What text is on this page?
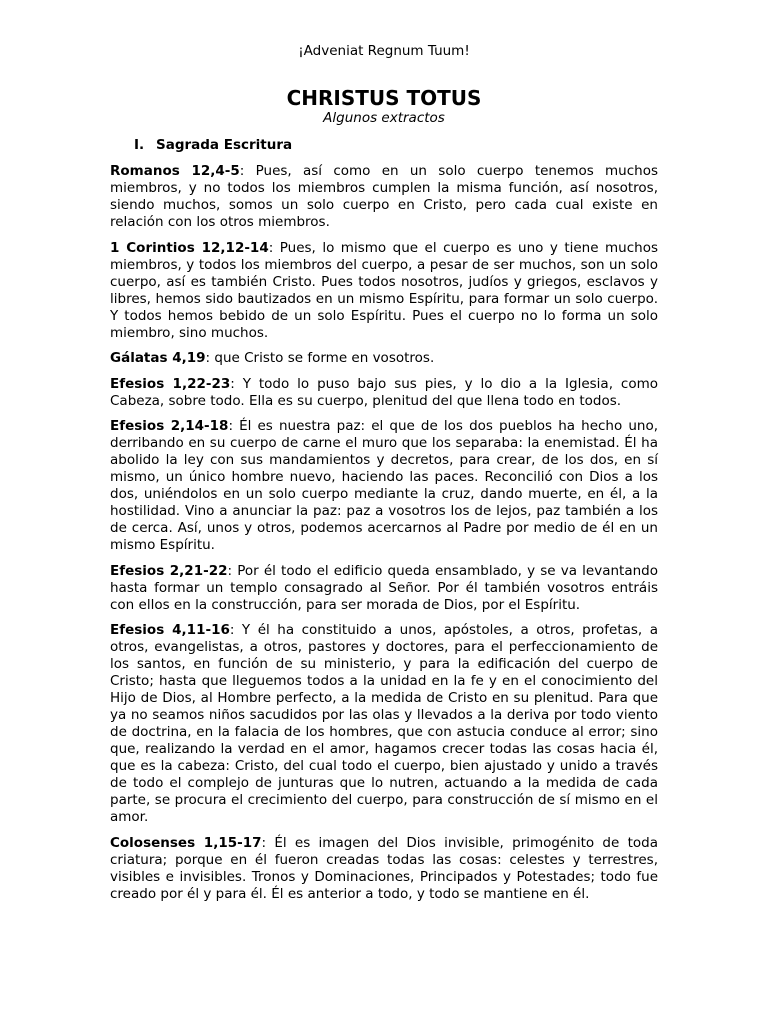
¡Adveniat Regnum Tuum!

CHRISTUS TOTUS

Algunos extractos

I. Sagrada Escritura

Romanos 12,4-5: Pues, así como en un solo cuerpo tenemos muchos miembros, y no todos los miembros cumplen la misma función, así nosotros, siendo muchos, somos un solo cuerpo en Cristo, pero cada cual existe en relación con los otros miembros.

1 Corintios 12,12-14: Pues, lo mismo que el cuerpo es uno y tiene muchos miembros, y todos los miembros del cuerpo, a pesar de ser muchos, son un solo cuerpo, así es también Cristo. Pues todos nosotros, judíos y griegos, esclavos y libres, hemos sido bautizados en un mismo Espíritu, para formar un solo cuerpo. Y todos hemos bebido de un solo Espíritu. Pues el cuerpo no lo forma un solo miembro, sino muchos.

Gálatas 4,19: que Cristo se forme en vosotros.

Efesios 1,22-23: Y todo lo puso bajo sus pies, y lo dio a la Iglesia, como Cabeza, sobre todo. Ella es su cuerpo, plenitud del que llena todo en todos.

Efesios 2,14-18: Él es nuestra paz: el que de los dos pueblos ha hecho uno, derribando en su cuerpo de carne el muro que los separaba: la enemistad. Él ha abolido la ley con sus mandamientos y decretos, para crear, de los dos, en sí mismo, un único hombre nuevo, haciendo las paces. Reconcilió con Dios a los dos, uniéndolos en un solo cuerpo mediante la cruz, dando muerte, en él, a la hostilidad. Vino a anunciar la paz: paz a vosotros los de lejos, paz también a los de cerca. Así, unos y otros, podemos acercarnos al Padre por medio de él en un mismo Espíritu.

Efesios 2,21-22: Por él todo el edificio queda ensamblado, y se va levantando hasta formar un templo consagrado al Señor. Por él también vosotros entráis con ellos en la construcción, para ser morada de Dios, por el Espíritu.

Efesios 4,11-16: Y él ha constituido a unos, apóstoles, a otros, profetas, a otros, evangelistas, a otros, pastores y doctores, para el perfeccionamiento de los santos, en función de su ministerio, y para la edificación del cuerpo de Cristo; hasta que lleguemos todos a la unidad en la fe y en el conocimiento del Hijo de Dios, al Hombre perfecto, a la medida de Cristo en su plenitud. Para que ya no seamos niños sacudidos por las olas y llevados a la deriva por todo viento de doctrina, en la falacia de los hombres, que con astucia conduce al error; sino que, realizando la verdad en el amor, hagamos crecer todas las cosas hacia él, que es la cabeza: Cristo, del cual todo el cuerpo, bien ajustado y unido a través de todo el complejo de junturas que lo nutren, actuando a la medida de cada parte, se procura el crecimiento del cuerpo, para construcción de sí mismo en el amor.

Colosenses 1,15-17: Él es imagen del Dios invisible, primogénito de toda criatura; porque en él fueron creadas todas las cosas: celestes y terrestres, visibles e invisibles. Tronos y Dominaciones, Principados y Potestades; todo fue creado por él y para él. Él es anterior a todo, y todo se mantiene en él.
